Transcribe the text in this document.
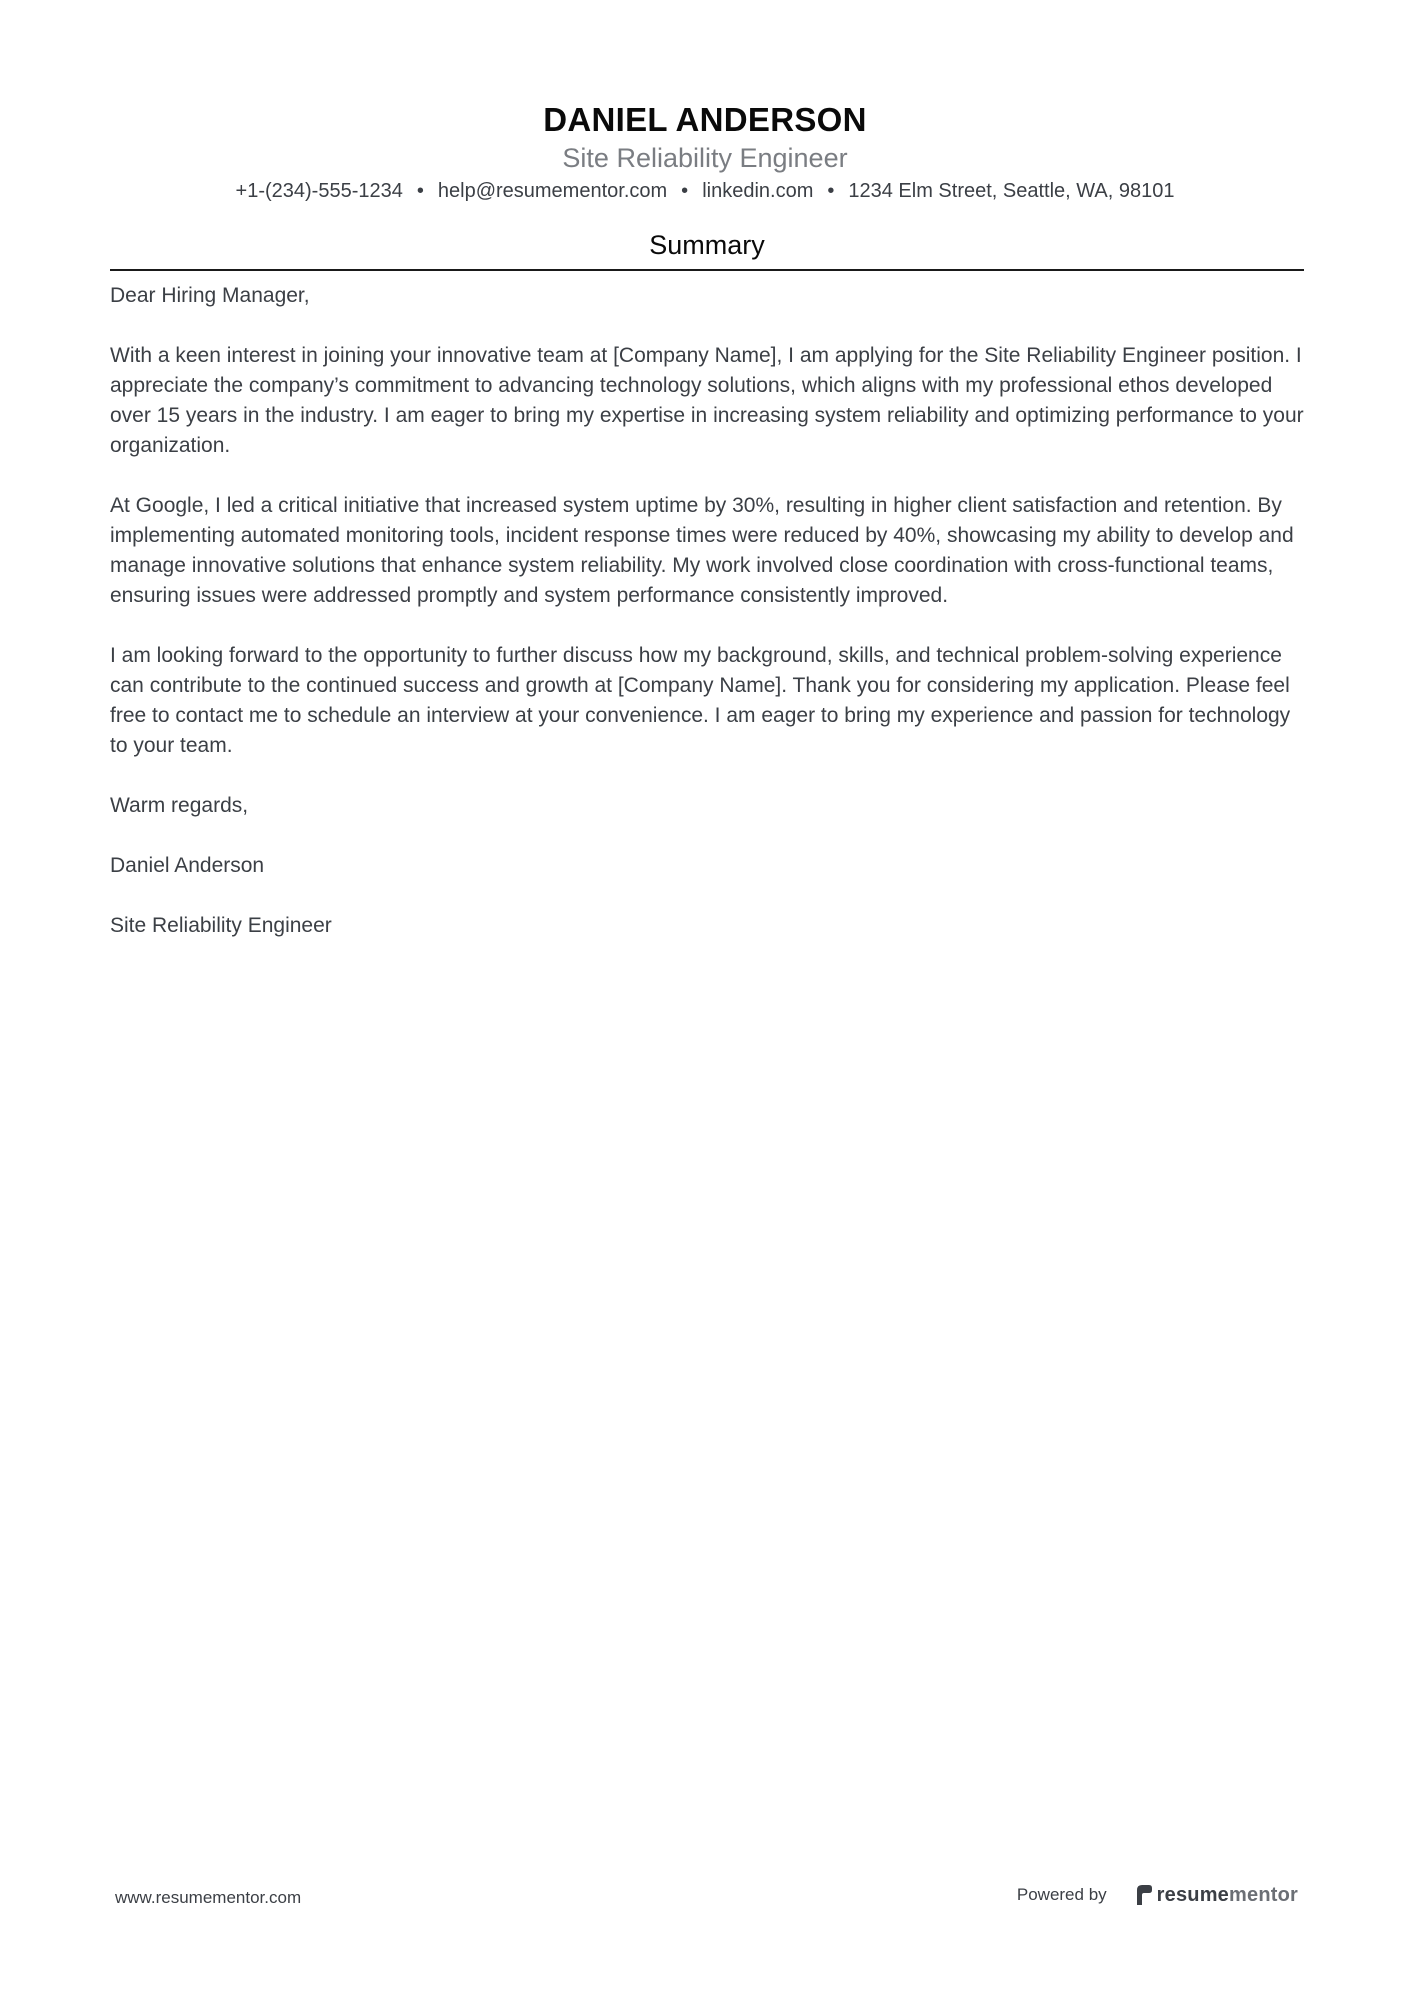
DANIEL ANDERSON
Site Reliability Engineer
+1-(234)-555-1234 • help@resumementor.com • linkedin.com • 1234 Elm Street, Seattle, WA, 98101
Summary

Dear Hiring Manager,

With a keen interest in joining your innovative team at [Company Name], I am applying for the Site Reliability Engineer position. I appreciate the company’s commitment to advancing technology solutions, which aligns with my professional ethos developed over 15 years in the industry. I am eager to bring my expertise in increasing system reliability and optimizing performance to your organization.

At Google, I led a critical initiative that increased system uptime by 30%, resulting in higher client satisfaction and retention. By implementing automated monitoring tools, incident response times were reduced by 40%, showcasing my ability to develop and manage innovative solutions that enhance system reliability. My work involved close coordination with cross-functional teams, ensuring issues were addressed promptly and system performance consistently improved.

I am looking forward to the opportunity to further discuss how my background, skills, and technical problem-solving experience can contribute to the continued success and growth at [Company Name]. Thank you for considering my application. Please feel free to contact me to schedule an interview at your convenience. I am eager to bring my experience and passion for technology to your team.

Warm regards,

Daniel Anderson

Site Reliability Engineer

www.resumementor.com	Powered by	resumementor
